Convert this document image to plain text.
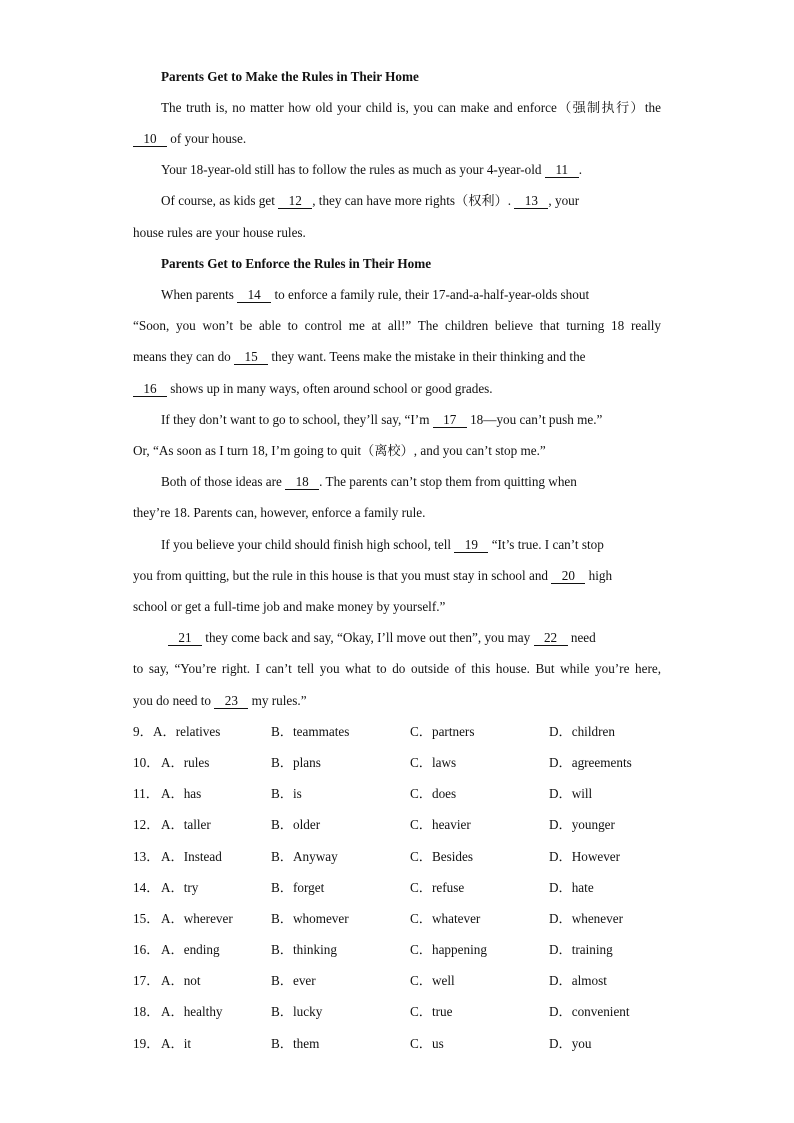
Parents Get to Make the Rules in Their Home
The truth is, no matter how old your child is, you can make and enforce（强制执行）the
10 of your house.
Your 18-year-old still has to follow the rules as much as your 4-year-old 11 .
Of course, as kids get 12 , they can have more rights（权利）. 13 , your
house rules are your house rules.
Parents Get to Enforce the Rules in Their Home
When parents 14 to enforce a family rule, their 17-and-a-half-year-olds shout
“Soon, you won’t be able to control me at all!” The children believe that turning 18 really
means they can do 15 they want. Teens make the mistake in their thinking and the
16 shows up in many ways, often around school or good grades.
If they don’t want to go to school, they’ll say, “I’m 17 18—you can’t push me.”
Or, “As soon as I turn 18, I’m going to quit（离校）, and you can’t stop me.”
Both of those ideas are 18 . The parents can’t stop them from quitting when
they’re 18. Parents can, however, enforce a family rule.
If you believe your child should finish high school, tell 19 “It’s true. I can’t stop
you from quitting, but the rule in this house is that you must stay in school and 20 high
school or get a full-time job and make money by yourself.”
21 they come back and say, “Okay, I’ll move out then”, you may 22 need
to say, “You’re right. I can’t tell you what to do outside of this house. But while you’re here,
you do need to 23 my rules.”
9． A．relatives	B．teammates	C．partners	D．children
10． A．rules	B．plans	C．laws	D．agreements
11． A．has	B．is	C．does	D．will
12． A．taller	B．older	C．heavier	D．younger
13． A．Instead	B．Anyway	C．Besides	D．However
14． A．try	B．forget	C．refuse	D．hate
15． A．wherever	B．whomever	C．whatever	D．whenever
16． A．ending	B．thinking	C．happening	D．training
17． A．not	B．ever	C．well	D．almost
18． A．healthy	B．lucky	C．true	D．convenient
19． A．it	B．them	C．us	D．you
